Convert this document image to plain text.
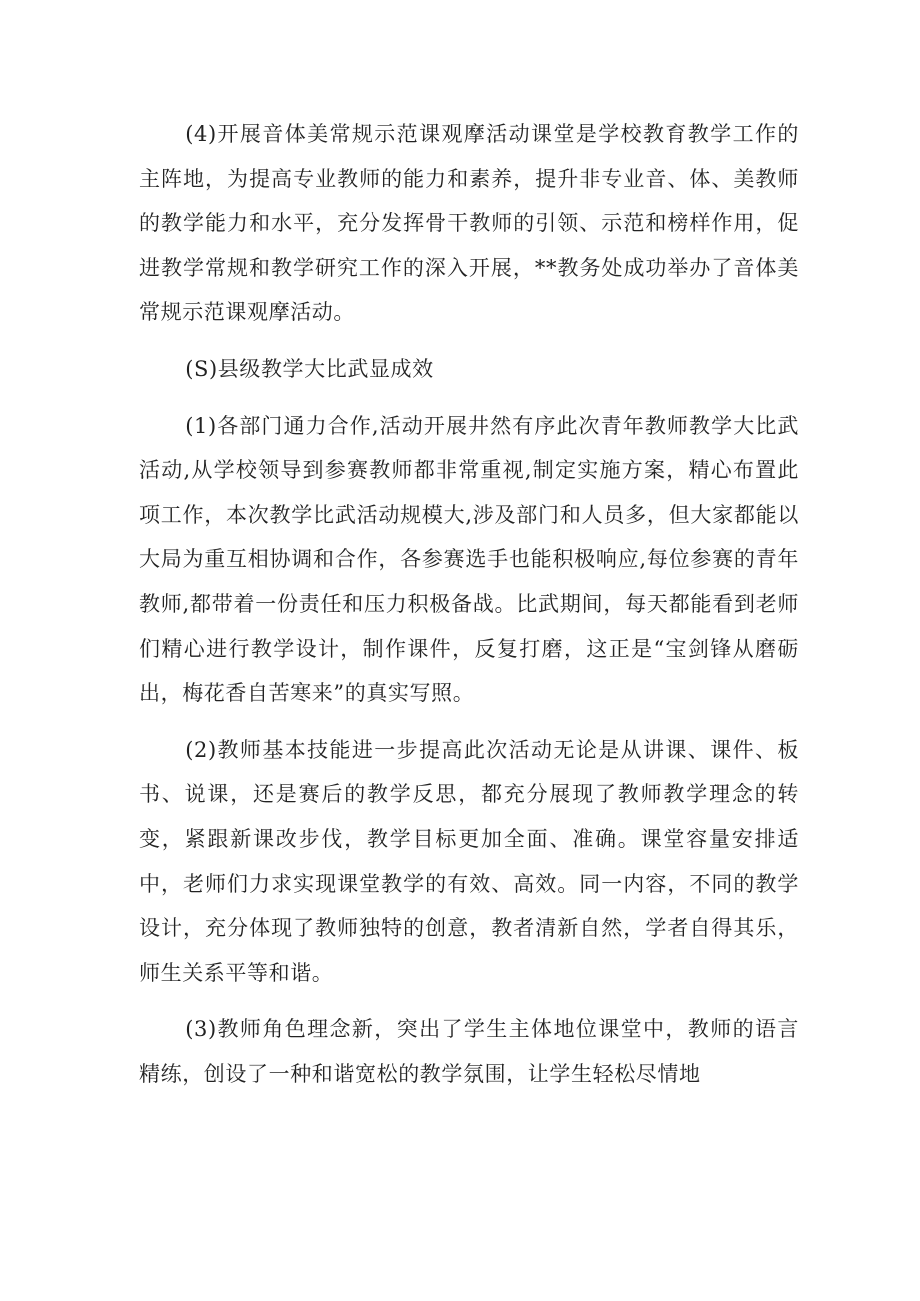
(4)开展音体美常规示范课观摩活动课堂是学校教育教学工作的主阵地，为提高专业教师的能力和素养，提升非专业音、体、美教师的教学能力和水平，充分发挥骨干教师的引领、示范和榜样作用，促进教学常规和教学研究工作的深入开展，**教务处成功举办了音体美常规示范课观摩活动。

(S)县级教学大比武显成效

(1)各部门通力合作,活动开展井然有序此次青年教师教学大比武活动,从学校领导到参赛教师都非常重视,制定实施方案，精心布置此项工作，本次教学比武活动规模大,涉及部门和人员多，但大家都能以大局为重互相协调和合作，各参赛选手也能积极响应,每位参赛的青年教师,都带着一份责任和压力积极备战。比武期间，每天都能看到老师们精心进行教学设计，制作课件，反复打磨，这正是“宝剑锋从磨砺出，梅花香自苦寒来”的真实写照。

(2)教师基本技能进一步提高此次活动无论是从讲课、课件、板书、说课，还是赛后的教学反思，都充分展现了教师教学理念的转变，紧跟新课改步伐，教学目标更加全面、准确。课堂容量安排适中，老师们力求实现课堂教学的有效、高效。同一内容，不同的教学设计，充分体现了教师独特的创意，教者清新自然，学者自得其乐，师生关系平等和谐。

(3)教师角色理念新，突出了学生主体地位课堂中，教师的语言精练，创设了一种和谐宽松的教学氛围，让学生轻松尽情地
